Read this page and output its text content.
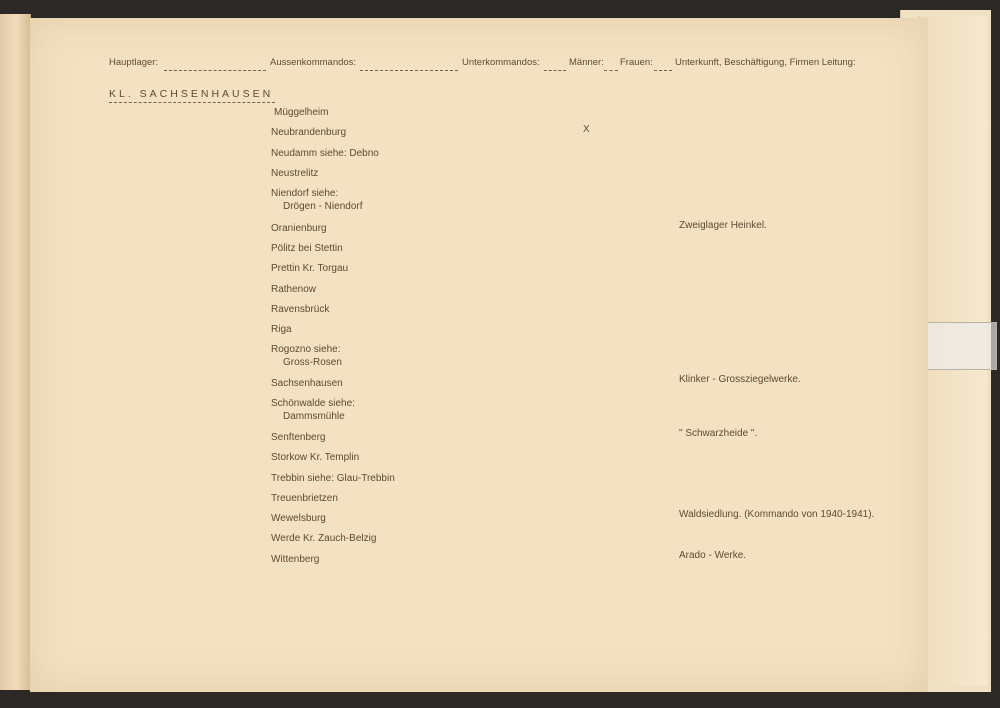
Hauptlager:	Aussenkommandos:	Unterkommandos:	Männer: Frauen: Unterkunft, Beschäftigung, Firmen Leitung:
KL. SACHSENHAUSEN
Müggelheim
Neubrandenburg	X
Neudamm siehe: Debno
Neustrelitz
Niendorf siehe:
Drögen - Niendorf
Oranienburg	Zweiglager Heinkel.
Pölitz bei Stettin
Prettin Kr. Torgau
Rathenow
Ravensbrück
Riga
Rogozno siehe:
Gross-Rosen
Sachsenhausen	Klinker - Grossziegelwerke.
Schönwalde siehe:
Dammsmühle
Senftenberg	" Schwarzheide ".
Storkow Kr. Templin
Trebbin siehe: Glau-Trebbin
Treuenbrietzen
Wewelsburg	Waldsiedlung. (Kommando von 1940-1941).
Werde Kr. Zauch-Belzig
Wittenberg	Arado - Werke.
